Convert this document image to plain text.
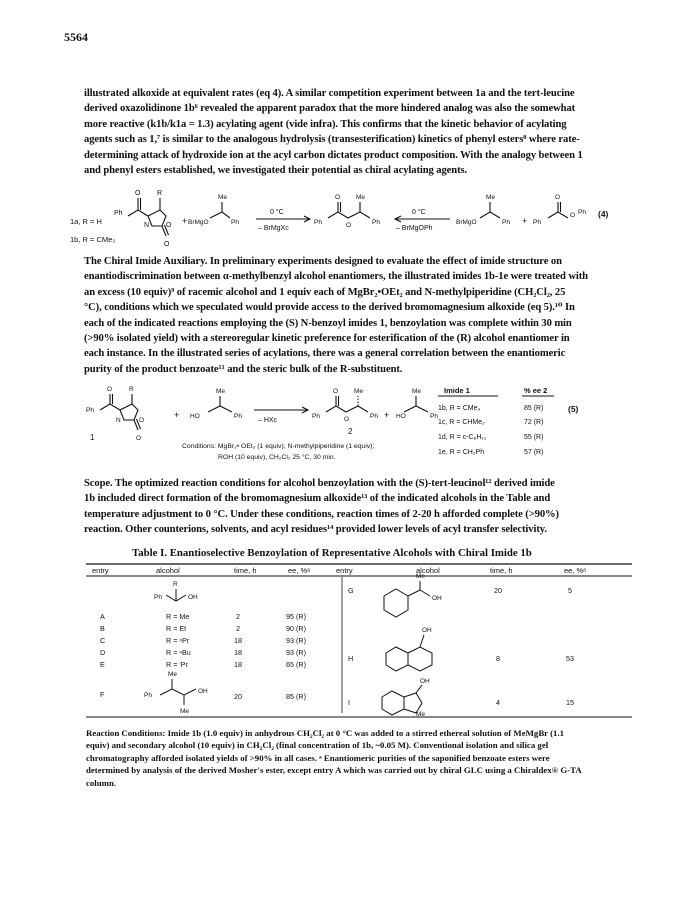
5564
illustrated alkoxide at equivalent rates (eq 4). A similar competition experiment between 1a and the tert-leucine
derived oxazolidinone 1b⁶ revealed the apparent paradox that the more hindered analog was also the somewhat
more reactive (k1b/k1a = 1.3) acylating agent (vide infra). This confirms that the kinetic behavior of acylating
agents such as 1,⁷ is similar to the analogous hydrolysis (transesterification) kinetics of phenyl esters⁸ where rate-
determining attack of hydroxide ion at the acyl carbon dictates product composition. With the analogy between 1
and phenyl esters established, we investigated their potential as chiral acylating agents.
1a, R = H
1b, R = CMe₃
Ph
O R
N O
O
+ BrMgO
Me
Ph
0 °C
– BrMgXc
Ph
O Me
O	Ph
0 °C
– BrMgOPh
BrMgO
Me
Ph + Ph
O
O Ph (4)
The Chiral Imide Auxiliary. In preliminary experiments designed to evaluate the effect of imide structure on
enantiodiscrimination between α-methylbenzyl alcohol enantiomers, the illustrated imides 1b-1e were treated with
an excess (10 equiv)⁹ of racemic alcohol and 1 equiv each of MgBr₂•OEt₂ and N-methylpiperidine (CH₂Cl₂, 25
°C), conditions which we speculated would provide access to the derived bromomagnesium alkoxide (eq 5).¹⁰ In
each of the indicated reactions employing the (S) N-benzoyl imides 1, benzoylation was complete within 30 min
(>90% isolated yield) with a stereoregular kinetic preference for esterification of the (R) alcohol enantiomer in
each instance. In the illustrated series of acylations, there was a general correlation between the enantiomeric
purity of the product benzoate¹¹ and the steric bulk of the R-substituent.
Ph
O	R
N	O
O
1
+ HO
Me
Ph
– HXc
Ph
O Me
O	Ph
2
+ HO
Me
Ph
Conditions: MgBr₂• OEt₂ (1 equiv); N-methylpiperidine (1 equiv);
ROH (10 equiv), CH₂Cl₂ 25 °C, 30 min.
Imide 1	% ee 2
1b, R = CMe₃	85 (R)
1c, R = CHMe₂	72 (R)
1d, R = c-C₆H₁₁	55 (R)
1e, R = CH₂Ph	57 (R)
(5)
Scope. The optimized reaction conditions for alcohol benzoylation with the (S)-tert-leucinol¹² derived imide
1b included direct formation of the bromomagnesium alkoxide¹³ of the indicated alcohols in the Table and
temperature adjustment to 0 °C. Under these conditions, reaction times of 2-20 h afforded complete (>90%)
reaction. Other counterions, solvents, and acyl residues¹⁴ provided lower levels of acyl transfer selectivity.
Table I. Enantioselective Benzoylation of Representative Alcohols with Chiral Imide 1b
entry	alcohol	time, h	ee, %ᵃ	entry	alcohol	time, h	ee, %ᵃ
R
Ph	OH
A	R = Me	2	95 (R)
B	R = Et	2	90 (R)
C	R = ⁿPr	18	93 (R)
D	R = ⁿBu	18	93 (R)
E	R = ⁱPr	18	65 (R)
F	20	85 (R)
Ph
OH
Me
Me
G	20	5
H	8	53
I	4	15
Me
OH
OH
OH
Me
Reaction Conditions: Imide 1b (1.0 equiv) in anhydrous CH₂Cl₂ at 0 °C was added to a stirred ethereal solution of MeMgBr (1.1
equiv) and secondary alcohol (10 equiv) in CH₂Cl₂ (final concentration of 1b, ~0.05 M). Conventional isolation and silica gel
chromatography afforded isolated yields of >90% in all cases. ᵃ Enantiomeric purities of the saponified benzoate esters were
determined by analysis of the derived Mosher's ester, except entry A which was carried out by chiral GLC using a Chiraldex® G-TA
column.
